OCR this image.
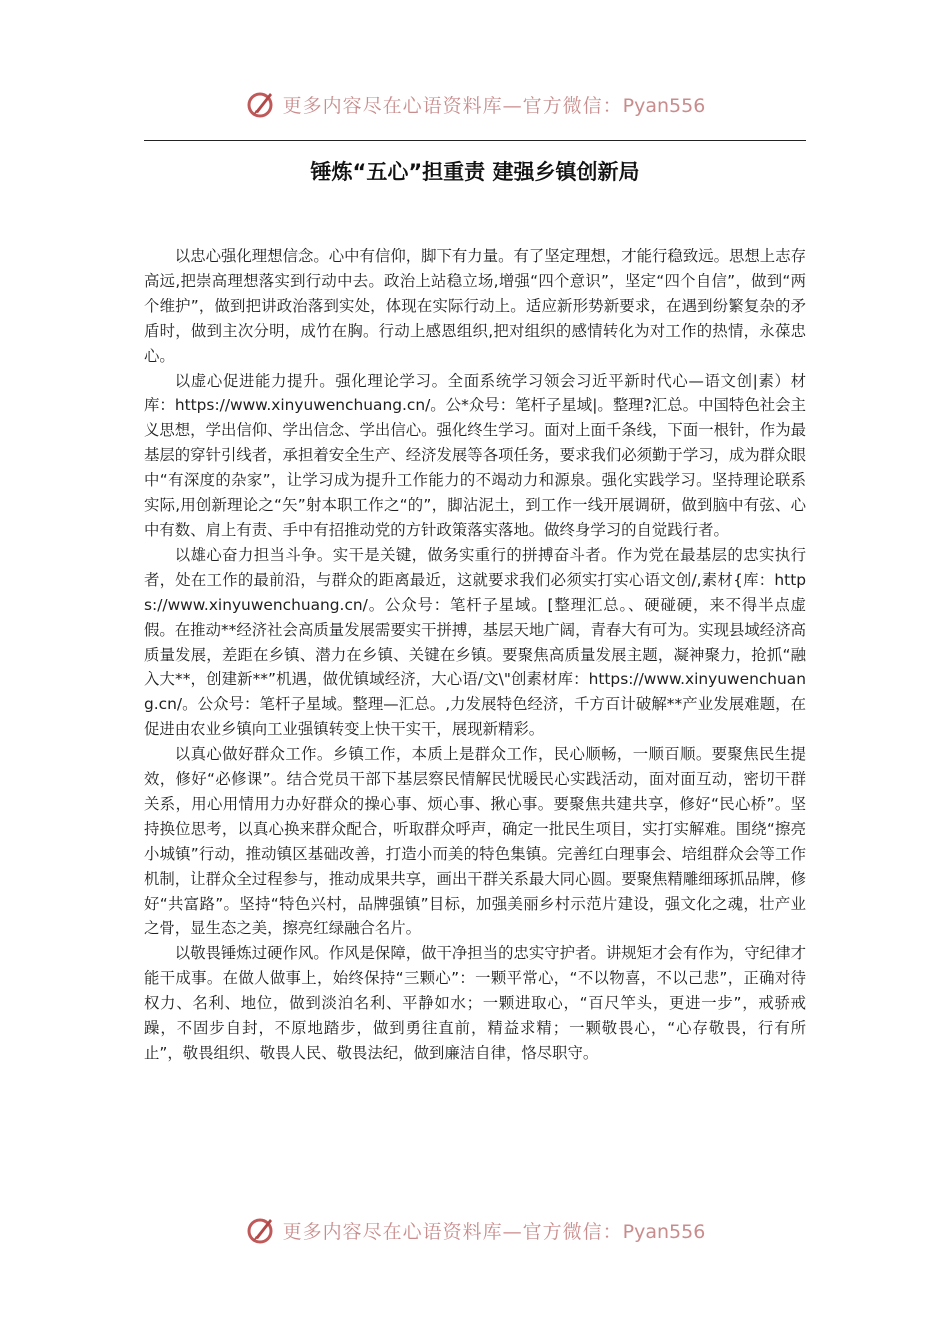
更多内容尽在心语资料库—官方微信：Pyan556
锤炼“五心”担重责 建强乡镇创新局

以忠心强化理想信念。心中有信仰，脚下有力量。有了坚定理想，才能行稳致远。思想上志存高远,把崇高理想落实到行动中去。政治上站稳立场,增强“四个意识”，坚定“四个自信”，做到“两个维护”，做到把讲政治落到实处，体现在实际行动上。适应新形势新要求，在遇到纷繁复杂的矛盾时，做到主次分明，成竹在胸。行动上感恩组织,把对组织的感情转化为对工作的热情，永葆忠心。

以虚心促进能力提升。强化理论学习。全面系统学习领会习近平新时代心—语文创|素）材库：https://www.xinyuwenchuang.cn/。公*众号：笔杆子星域|。整理?汇总。中国特色社会主义思想，学出信仰、学出信念、学出信心。强化终生学习。面对上面千条线，下面一根针，作为最基层的穿针引线者，承担着安全生产、经济发展等各项任务，要求我们必须勤于学习，成为群众眼中“有深度的杂家”，让学习成为提升工作能力的不竭动力和源泉。强化实践学习。坚持理论联系实际,用创新理论之“矢”射本职工作之“的”，脚沾泥土，到工作一线开展调研，做到脑中有弦、心中有数、肩上有责、手中有招推动党的方针政策落实落地。做终身学习的自觉践行者。

以雄心奋力担当斗争。实干是关键，做务实重行的拼搏奋斗者。作为党在最基层的忠实执行者，处在工作的最前沿，与群众的距离最近，这就要求我们必须实打实心语文创/,素材{库：https://www.xinyuwenchuang.cn/。公众号：笔杆子星域。[整理汇总。、硬碰硬，来不得半点虚假。在推动**经济社会高质量发展需要实干拼搏，基层天地广阔，青春大有可为。实现县域经济高质量发展，差距在乡镇、潜力在乡镇、关键在乡镇。要聚焦高质量发展主题，凝神聚力，抢抓“融入大**，创建新**”机遇，做优镇域经济，大心语/文\"创素材库：https://www.xinyuwenchuang.cn/。公众号：笔杆子星域。整理—汇总。,力发展特色经济，千方百计破解**产业发展难题，在促进由农业乡镇向工业强镇转变上快干实干，展现新精彩。

以真心做好群众工作。乡镇工作，本质上是群众工作，民心顺畅，一顺百顺。要聚焦民生提效，修好“必修课”。结合党员干部下基层察民情解民忧暖民心实践活动，面对面互动，密切干群关系，用心用情用力办好群众的操心事、烦心事、揪心事。要聚焦共建共享，修好“民心桥”。坚持换位思考，以真心换来群众配合，听取群众呼声，确定一批民生项目，实打实解难。围绕“擦亮小城镇”行动，推动镇区基础改善，打造小而美的特色集镇。完善红白理事会、培组群众会等工作机制，让群众全过程参与，推动成果共享，画出干群关系最大同心圆。要聚焦精雕细琢抓品牌，修好“共富路”。坚持“特色兴村，品牌强镇”目标，加强美丽乡村示范片建设，强文化之魂，壮产业之骨，显生态之美，擦亮红绿融合名片。

以敬畏锤炼过硬作风。作风是保障，做干净担当的忠实守护者。讲规矩才会有作为，守纪律才能干成事。在做人做事上，始终保持“三颗心”：一颗平常心，“不以物喜，不以己悲”，正确对待权力、名利、地位，做到淡泊名利、平静如水；一颗进取心，“百尺竿头，更进一步”，戒骄戒躁，不固步自封，不原地踏步，做到勇往直前，精益求精；一颗敬畏心，“心存敬畏，行有所止”，敬畏组织、敬畏人民、敬畏法纪，做到廉洁自律，恪尽职守。

更多内容尽在心语资料库—官方微信：Pyan556
